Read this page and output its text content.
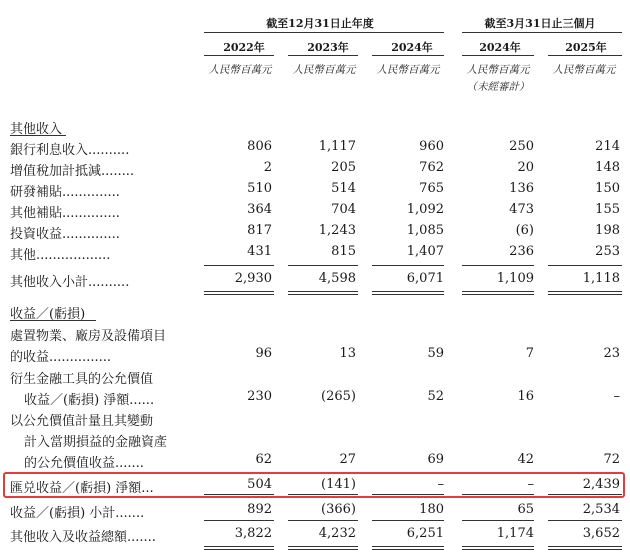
截至12月31日止年度	截至3月31日止三個月
2022年	2023年	2024年	2024年	2025年
人民幣百萬元	人民幣百萬元	人民幣百萬元	人民幣百萬元	人民幣百萬元
（未經審計）
其他收入
銀行利息收入..........	806	1,117	960	250	214
增值稅加計抵減........	2	205	762	20	148
研發補貼..............	510	514	765	136	150
其他補貼..............	364	704	1,092	473	155
投資收益..............	817	1,243	1,085	(6)	198
其他..................	431	815	1,407	236	253
其他收入小計..........	2,930	4,598	6,071	1,109	1,118
收益／(虧損)
處置物業、廠房及設備項目
的收益...............	96	13	59	7	23
衍生金融工具的公允價值
收益／(虧損) 淨額......	230	(265)	52	16	–
以公允價值計量且其變動
計入當期損益的金融資產
的公允價值收益.......	62	27	69	42	72
匯兑收益／(虧損) 淨額...	504	(141)	–	–	2,439
收益／(虧損) 小計.......	892	(366)	180	65	2,534
其他收入及收益總額.......	3,822	4,232	6,251	1,174	3,652
